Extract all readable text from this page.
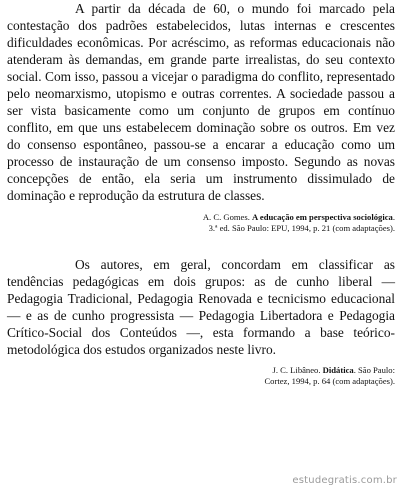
A partir da década de 60, o mundo foi marcado pela contestação dos padrões estabelecidos, lutas internas e crescentes dificuldades econômicas. Por acréscimo, as reformas educacionais não atenderam às demandas, em grande parte irrealistas, do seu contexto social. Com isso, passou a vicejar o paradigma do conflito, representado pelo neomarxismo, utopismo e outras correntes. A sociedade passou a ser vista basicamente como um conjunto de grupos em contínuo conflito, em que uns estabelecem dominação sobre os outros. Em vez do consenso espontâneo, passou-se a encarar a educação como um processo de instauração de um consenso imposto. Segundo as novas concepções de então, ela seria um instrumento dissimulado de dominação e reprodução da estrutura de classes.

A. C. Gomes. A educação em perspectiva sociológica.
3.ª ed. São Paulo: EPU, 1994, p. 21 (com adaptações).

Os autores, em geral, concordam em classificar as tendências pedagógicas em dois grupos: as de cunho liberal — Pedagogia Tradicional, Pedagogia Renovada e tecnicismo educacional — e as de cunho progressista — Pedagogia Libertadora e Pedagogia Crítico-Social dos Conteúdos —, esta formando a base teórico-metodológica dos estudos organizados neste livro.

J. C. Libâneo. Didática. São Paulo:
Cortez, 1994, p. 64 (com adaptações).
estudegratis.com.br
